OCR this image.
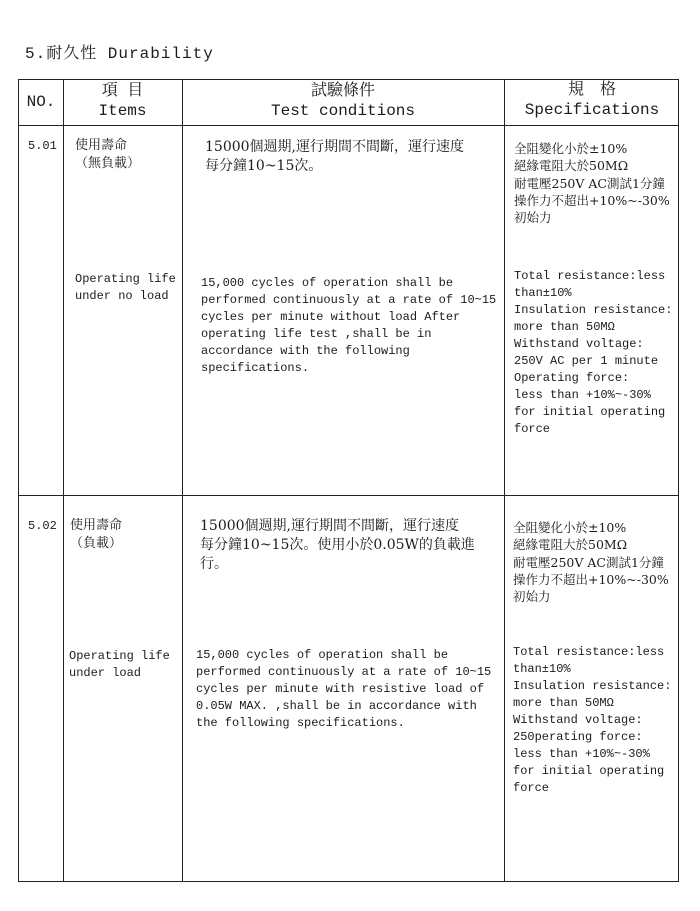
5.耐久性 Durability
NO.
項 目
Items
試驗條件
Test conditions
規　格
Specifications
5.01 使用壽命
（無負載）
Operating life
under no load
15000個週期,運行期間不間斷，運行速度
每分鐘10~15次。
15,000 cycles of operation shall be
performed continuously at a rate of 10~15
cycles per minute without load After
operating life test ,shall be in
accordance with the following
specifications.
全阻變化小於±10%
絕緣電阻大於50MΩ
耐電壓250V AC測試1分鐘
操作力不超出+10%~-30%
初始力
Total resistance:less
than±10%
Insulation resistance:
more than 50MΩ
Withstand voltage:
250V AC per 1 minute
Operating force:
less than +10%~-30%
for initial operating
force
5.02 使用壽命
（負載）
Operating life
under load
15000個週期,運行期間不間斷，運行速度
每分鐘10~15次。使用小於0.05W的負載進
行。
15,000 cycles of operation shall be
performed continuously at a rate of 10~15
cycles per minute with resistive load of
0.05W MAX. ,shall be in accordance with
the following specifications.
全阻變化小於±10%
絕緣電阻大於50MΩ
耐電壓250V AC測試1分鐘
操作力不超出+10%~-30%
初始力
Total resistance:less
than±10%
Insulation resistance:
more than 50MΩ
Withstand voltage:
250perating force:
less than +10%~-30%
for initial operating
force
